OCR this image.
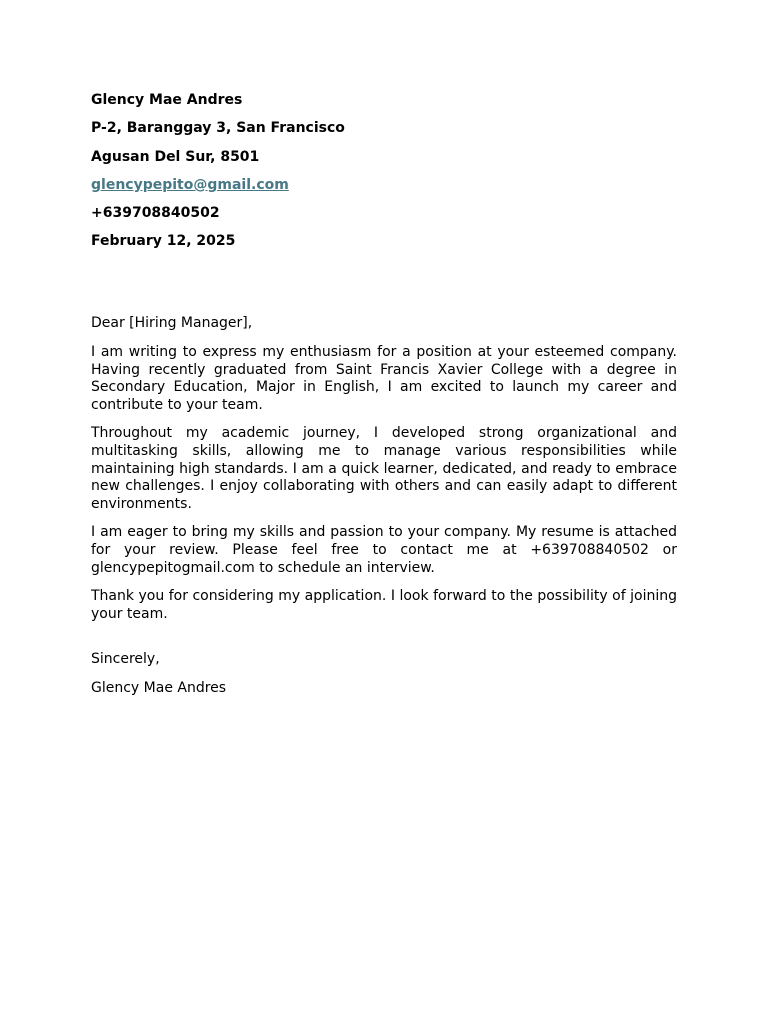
Glency Mae Andres
P-2, Baranggay 3, San Francisco
Agusan Del Sur, 8501
glencypepito@gmail.com
+639708840502
February 12, 2025
Dear [Hiring Manager],

I am writing to express my enthusiasm for a position at your esteemed company. Having recently graduated from Saint Francis Xavier College with a degree in Secondary Education, Major in English, I am excited to launch my career and contribute to your team.

Throughout my academic journey, I developed strong organizational and multitasking skills, allowing me to manage various responsibilities while maintaining high standards. I am a quick learner, dedicated, and ready to embrace new challenges. I enjoy collaborating with others and can easily adapt to different environments.

I am eager to bring my skills and passion to your company. My resume is attached for your review. Please feel free to contact me at +639708840502 or glencypepitogmail.com to schedule an interview.

Thank you for considering my application. I look forward to the possibility of joining your team.

Sincerely,
Glency Mae Andres
